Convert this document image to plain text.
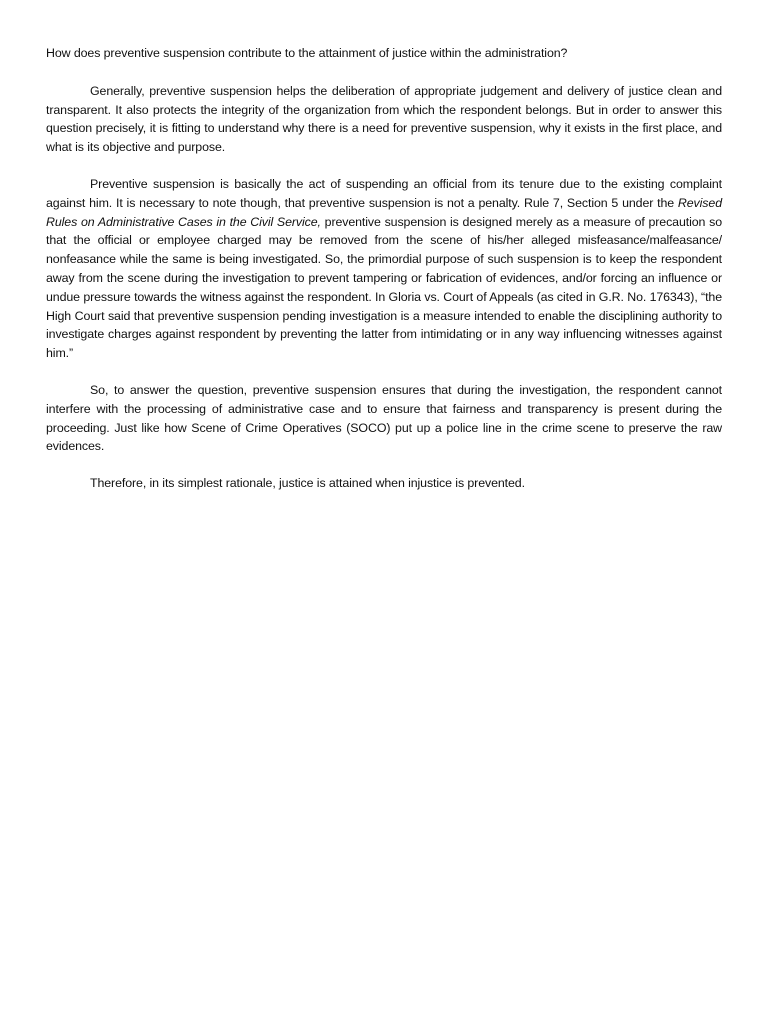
How does preventive suspension contribute to the attainment of justice within the administration?

Generally, preventive suspension helps the deliberation of appropriate judgement and delivery of justice clean and transparent. It also protects the integrity of the organization from which the respondent belongs. But in order to answer this question precisely, it is fitting to understand why there is a need for preventive suspension, why it exists in the first place, and what is its objective and purpose.

Preventive suspension is basically the act of suspending an official from its tenure due to the existing complaint against him. It is necessary to note though, that preventive suspension is not a penalty. Rule 7, Section 5 under the Revised Rules on Administrative Cases in the Civil Service, preventive suspension is designed merely as a measure of precaution so that the official or employee charged may be removed from the scene of his/her alleged misfeasance/malfeasance/ nonfeasance while the same is being investigated. So, the primordial purpose of such suspension is to keep the respondent away from the scene during the investigation to prevent tampering or fabrication of evidences, and/or forcing an influence or undue pressure towards the witness against the respondent. In Gloria vs. Court of Appeals (as cited in G.R. No. 176343), “the High Court said that preventive suspension pending investigation is a measure intended to enable the disciplining authority to investigate charges against respondent by preventing the latter from intimidating or in any way influencing witnesses against him.”

So, to answer the question, preventive suspension ensures that during the investigation, the respondent cannot interfere with the processing of administrative case and to ensure that fairness and transparency is present during the proceeding. Just like how Scene of Crime Operatives (SOCO) put up a police line in the crime scene to preserve the raw evidences.

Therefore, in its simplest rationale, justice is attained when injustice is prevented.
